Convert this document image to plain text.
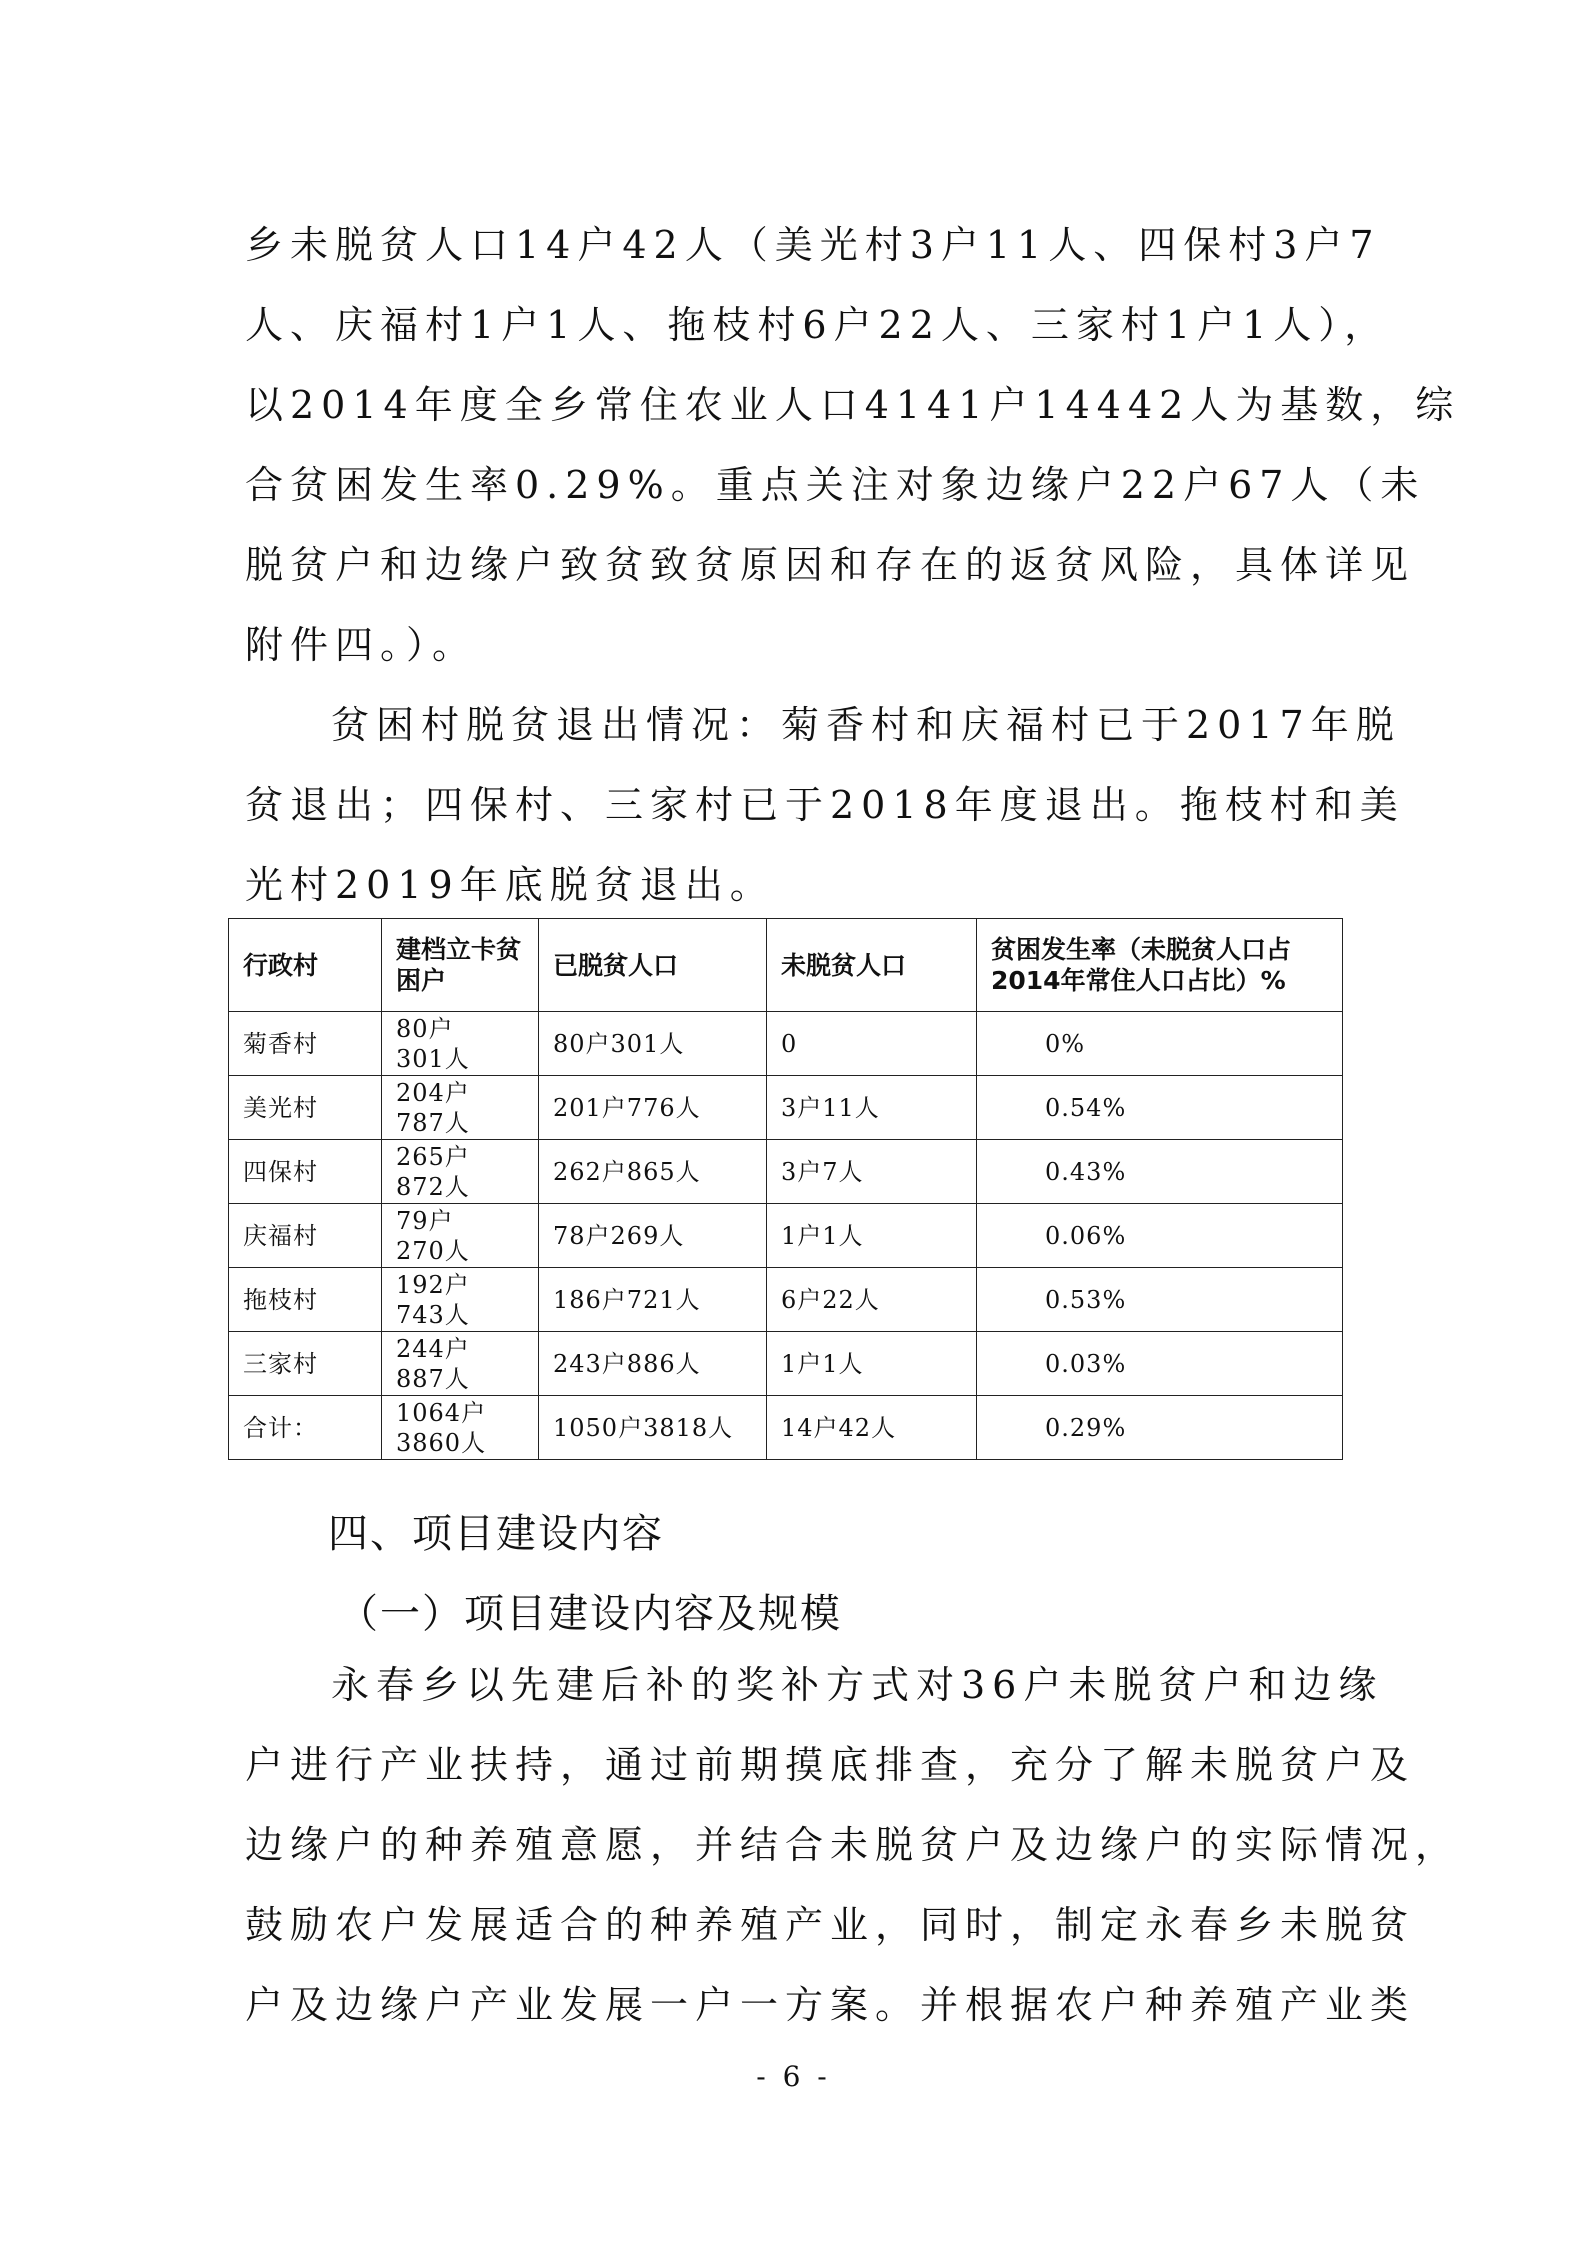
乡未脱贫人口14户42人（美光村3户11人、四保村3户7
人、庆福村1户1人、拖枝村6户22人、三家村1户1人），
以2014年度全乡常住农业人口4141户14442人为基数，综
合贫困发生率0.29%。重点关注对象边缘户22户67人（未
脱贫户和边缘户致贫致贫原因和存在的返贫风险，具体详见
附件四。）。

贫困村脱贫退出情况：菊香村和庆福村已于2017年脱
贫退出；四保村、三家村已于2018年度退出。拖枝村和美
光村2019年底脱贫退出。

行政村	建档立卡贫困户	已脱贫人口	未脱贫人口	贫困发生率（未脱贫人口占2014年常住人口占比）%
菊香村	80户
301人	80户301人	0	0%
美光村	204户
787人	201户776人	3户11人	0.54%
四保村	265户
872人	262户865人	3户7人	0.43%
庆福村	79户
270人	78户269人	1户1人	0.06%
拖枝村	192户
743人	186户721人	6户22人	0.53%
三家村	244户
887人	243户886人	1户1人	0.03%
合计：	1064户
3860人	1050户3818人	14户42人	0.29%
四、项目建设内容
（一）项目建设内容及规模

永春乡以先建后补的奖补方式对36户未脱贫户和边缘
户进行产业扶持，通过前期摸底排查，充分了解未脱贫户及
边缘户的种养殖意愿，并结合未脱贫户及边缘户的实际情况，
鼓励农户发展适合的种养殖产业，同时，制定永春乡未脱贫
户及边缘户产业发展一户一方案。并根据农户种养殖产业类

- 6 -
